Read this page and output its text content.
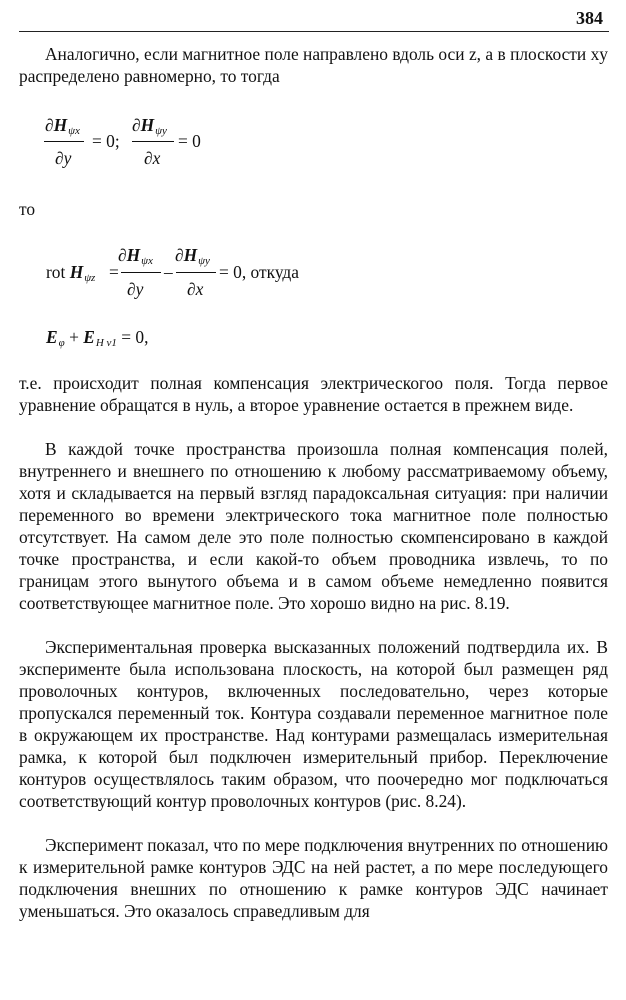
384

Аналогично, если магнитное поле направлено вдоль оси z, а в плоскости xy распределено равномерно, то тогда

$\partial H_{\psi x}$
∂y
= 0;
$\partial H_{\psi y}$
∂x
= 0

то

rot $H_{\psi z}$ =
$\partial H_{\psi x}$
∂y
–
$\partial H_{\psi y}$
∂x
= 0, откуда
$E_\varphi + E_{H v1} = 0$,

т.е. происходит полная компенсация электрическогоо поля. Тогда первое уравнение обращатся в нуль, а второе уравнение остается в прежнем виде.

В каждой точке пространства произошла полная компенсация полей, внутреннего и внешнего по отношению к любому рассматриваемому объему, хотя и складывается на первый взгляд парадоксальная ситуация: при наличии переменного во времени электрического тока магнитное поле полностью отсутствует. На самом деле это поле полностью скомпенсировано в каждой точке пространства, и если какой-то объем проводника извлечь, то по границам этого вынутого объема и в самом объеме немедленно появится соответствующее магнитное поле. Это хорошо видно на рис. 8.19.

Экспериментальная проверка высказанных положений подтвердила их. В эксперименте была использована плоскость, на которой был размещен ряд проволочных контуров, включенных последовательно, через которые пропускался переменный ток. Контура создавали переменное магнитное поле в окружающем их пространстве. Над контурами размещалась измерительная рамка, к которой был подключен измерительный прибор. Переключение контуров осуществлялось таким образом, что поочередно мог подключаться соответствующий контур проволочных контуров (рис. 8.24).

Эксперимент показал, что по мере подключения внутренних по отношению к измерительной рамке контуров ЭДС на ней растет, а по мере последующего подключения внешних по отношению к рамке контуров ЭДС начинает уменьшаться. Это оказалось справедливым для
